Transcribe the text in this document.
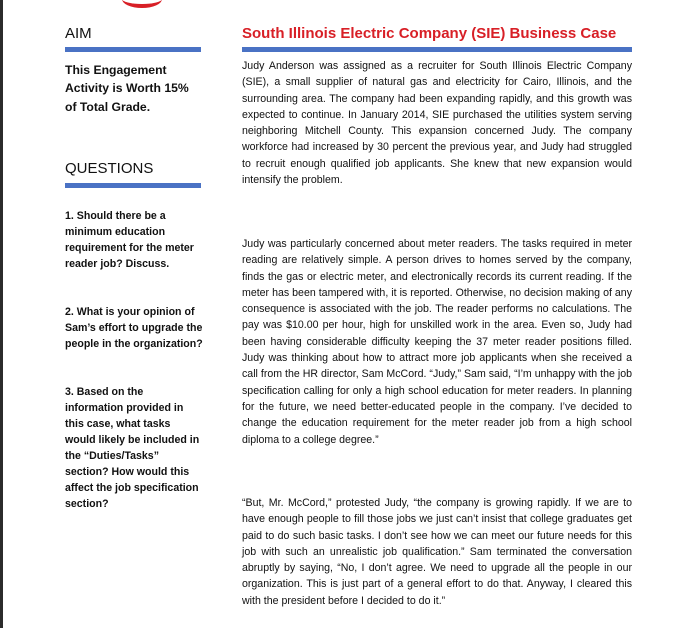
AIM
This Engagement Activity is Worth 15% of Total Grade.
QUESTIONS
1. Should there be a minimum education requirement for the meter reader job? Discuss.
2. What is your opinion of Sam’s effort to upgrade the people in the organization?
3. Based on the information provided in this case, what tasks would likely be included in the “Duties/Tasks” section? How would this affect the job specification section?
South Illinois Electric Company (SIE) Business Case

Judy Anderson was assigned as a recruiter for South Illinois Electric Company (SIE), a small supplier of natural gas and electricity for Cairo, Illinois, and the surrounding area. The company had been expanding rapidly, and this growth was expected to continue. In January 2014, SIE purchased the utilities system serving neighboring Mitchell County. This expansion concerned Judy. The company workforce had increased by 30 percent the previous year, and Judy had struggled to recruit enough qualified job applicants. She knew that new expansion would intensify the problem.

Judy was particularly concerned about meter readers. The tasks required in meter reading are relatively simple. A person drives to homes served by the company, finds the gas or electric meter, and electronically records its current reading. If the meter has been tampered with, it is reported. Otherwise, no decision making of any consequence is associated with the job. The reader performs no calculations. The pay was $10.00 per hour, high for unskilled work in the area. Even so, Judy had been having considerable difficulty keeping the 37 meter reader positions filled. Judy was thinking about how to attract more job applicants when she received a call from the HR director, Sam McCord. “Judy,” Sam said, “I’m unhappy with the job specification calling for only a high school education for meter readers. In planning for the future, we need better-educated people in the company. I’ve decided to change the education requirement for the meter reader job from a high school diploma to a college degree.”

“But, Mr. McCord,” protested Judy, “the company is growing rapidly. If we are to have enough people to fill those jobs we just can’t insist that college graduates get paid to do such basic tasks. I don’t see how we can meet our future needs for this job with such an unrealistic job qualification.” Sam terminated the conversation abruptly by saying, “No, I don’t agree. We need to upgrade all the people in our organization. This is just part of a general effort to do that. Anyway, I cleared this with the president before I decided to do it.”
